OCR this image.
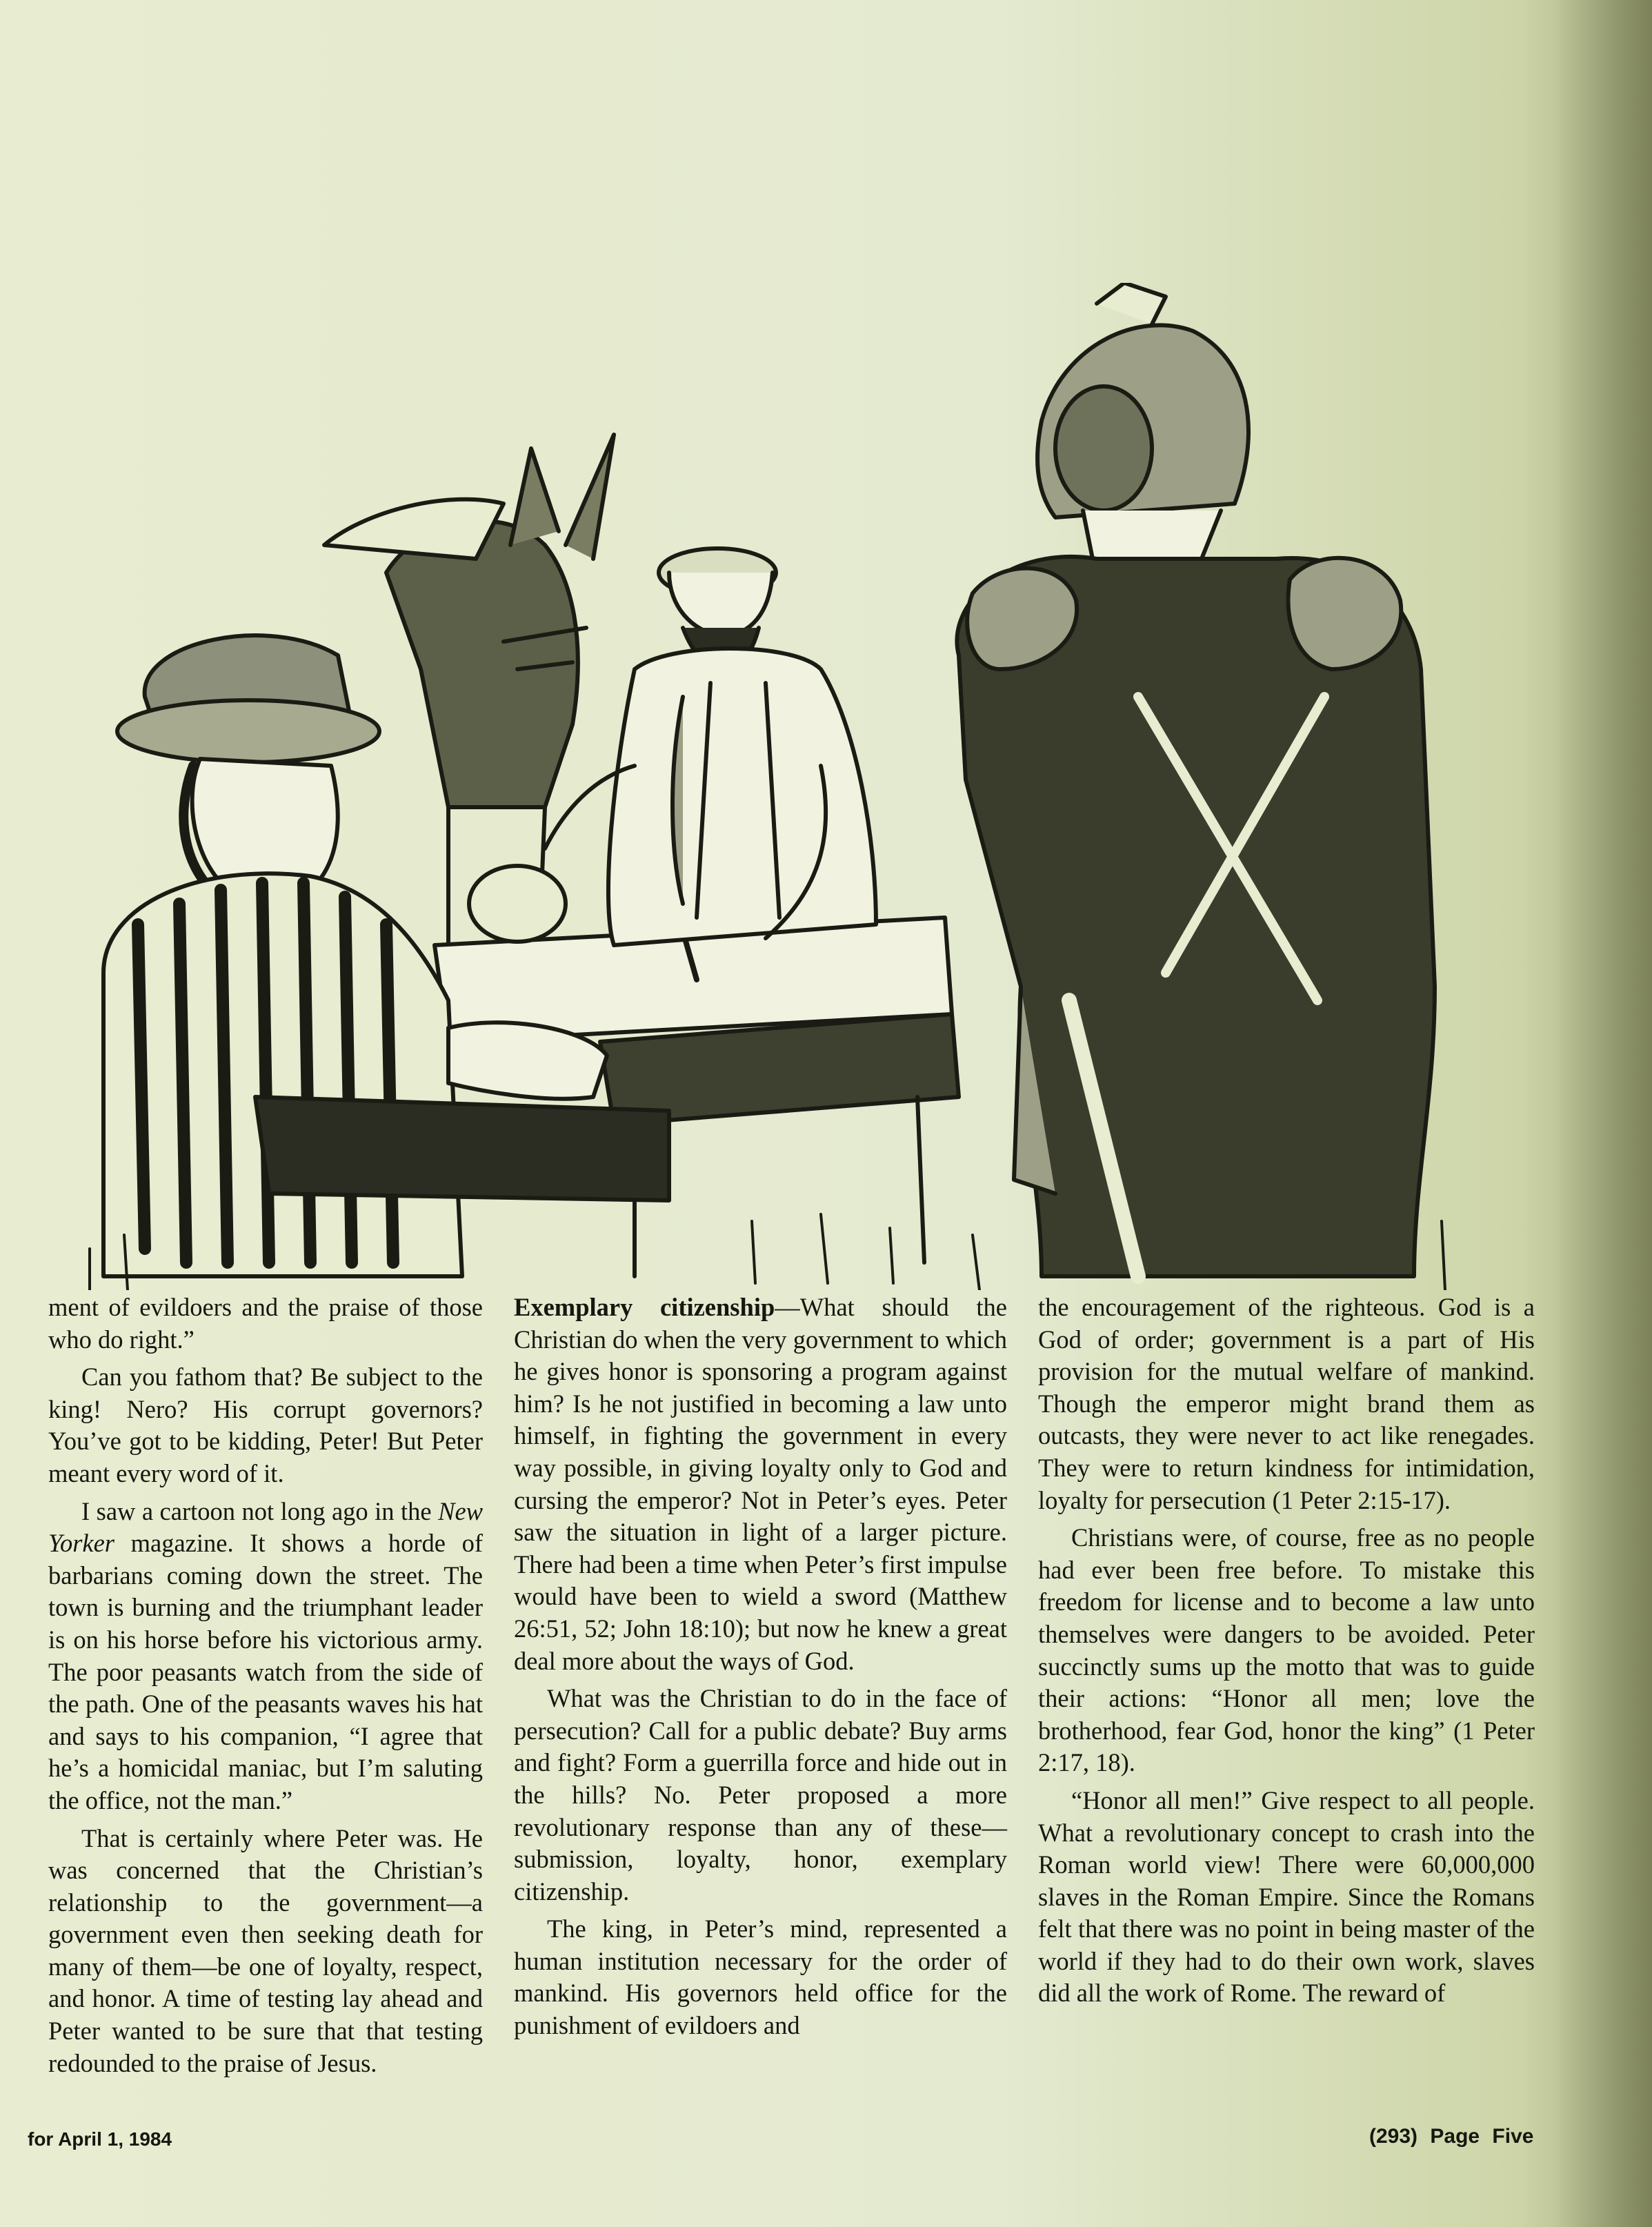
ment of evildoers and the praise of those who do right.”

Can you fathom that? Be subject to the king! Nero? His corrupt governors? You’ve got to be kidding, Peter! But Peter meant every word of it.

I saw a cartoon not long ago in the New Yorker magazine. It shows a horde of barbarians coming down the street. The town is burning and the triumphant leader is on his horse before his victorious army. The poor peasants watch from the side of the path. One of the peasants waves his hat and says to his companion, “I agree that he’s a homicidal maniac, but I’m saluting the office, not the man.”

That is certainly where Peter was. He was concerned that the Christian’s relationship to the government—a government even then seeking death for many of them—be one of loyalty, respect, and honor. A time of testing lay ahead and Peter wanted to be sure that that testing redounded to the praise of Jesus.

Exemplary citizenship—What should the Christian do when the very government to which he gives honor is sponsoring a program against him? Is he not justified in becoming a law unto himself, in fighting the government in every way possible, in giving loyalty only to God and cursing the emperor? Not in Peter’s eyes. Peter saw the situation in light of a larger picture. There had been a time when Peter’s first impulse would have been to wield a sword (Matthew 26:51, 52; John 18:10); but now he knew a great deal more about the ways of God.

What was the Christian to do in the face of persecution? Call for a public debate? Buy arms and fight? Form a guerrilla force and hide out in the hills? No. Peter proposed a more revolutionary response than any of these—submission, loyalty, honor, exemplary citizenship.

The king, in Peter’s mind, represented a human institution necessary for the order of mankind. His governors held office for the punishment of evildoers and

the encouragement of the righteous. God is a God of order; government is a part of His provision for the mutual welfare of mankind. Though the emperor might brand them as outcasts, they were never to act like renegades. They were to return kindness for intimidation, loyalty for persecution (1 Peter 2:15-17).

Christians were, of course, free as no people had ever been free before. To mistake this freedom for license and to become a law unto themselves were dangers to be avoided. Peter succinctly sums up the motto that was to guide their actions: “Honor all men; love the brotherhood, fear God, honor the king” (1 Peter 2:17, 18).

“Honor all men!” Give respect to all people. What a revolutionary concept to crash into the Roman world view! There were 60,000,000 slaves in the Roman Empire. Since the Romans felt that there was no point in being master of the world if they had to do their own work, slaves did all the work of Rome. The reward of

for April 1, 1984	(293) Page Five
